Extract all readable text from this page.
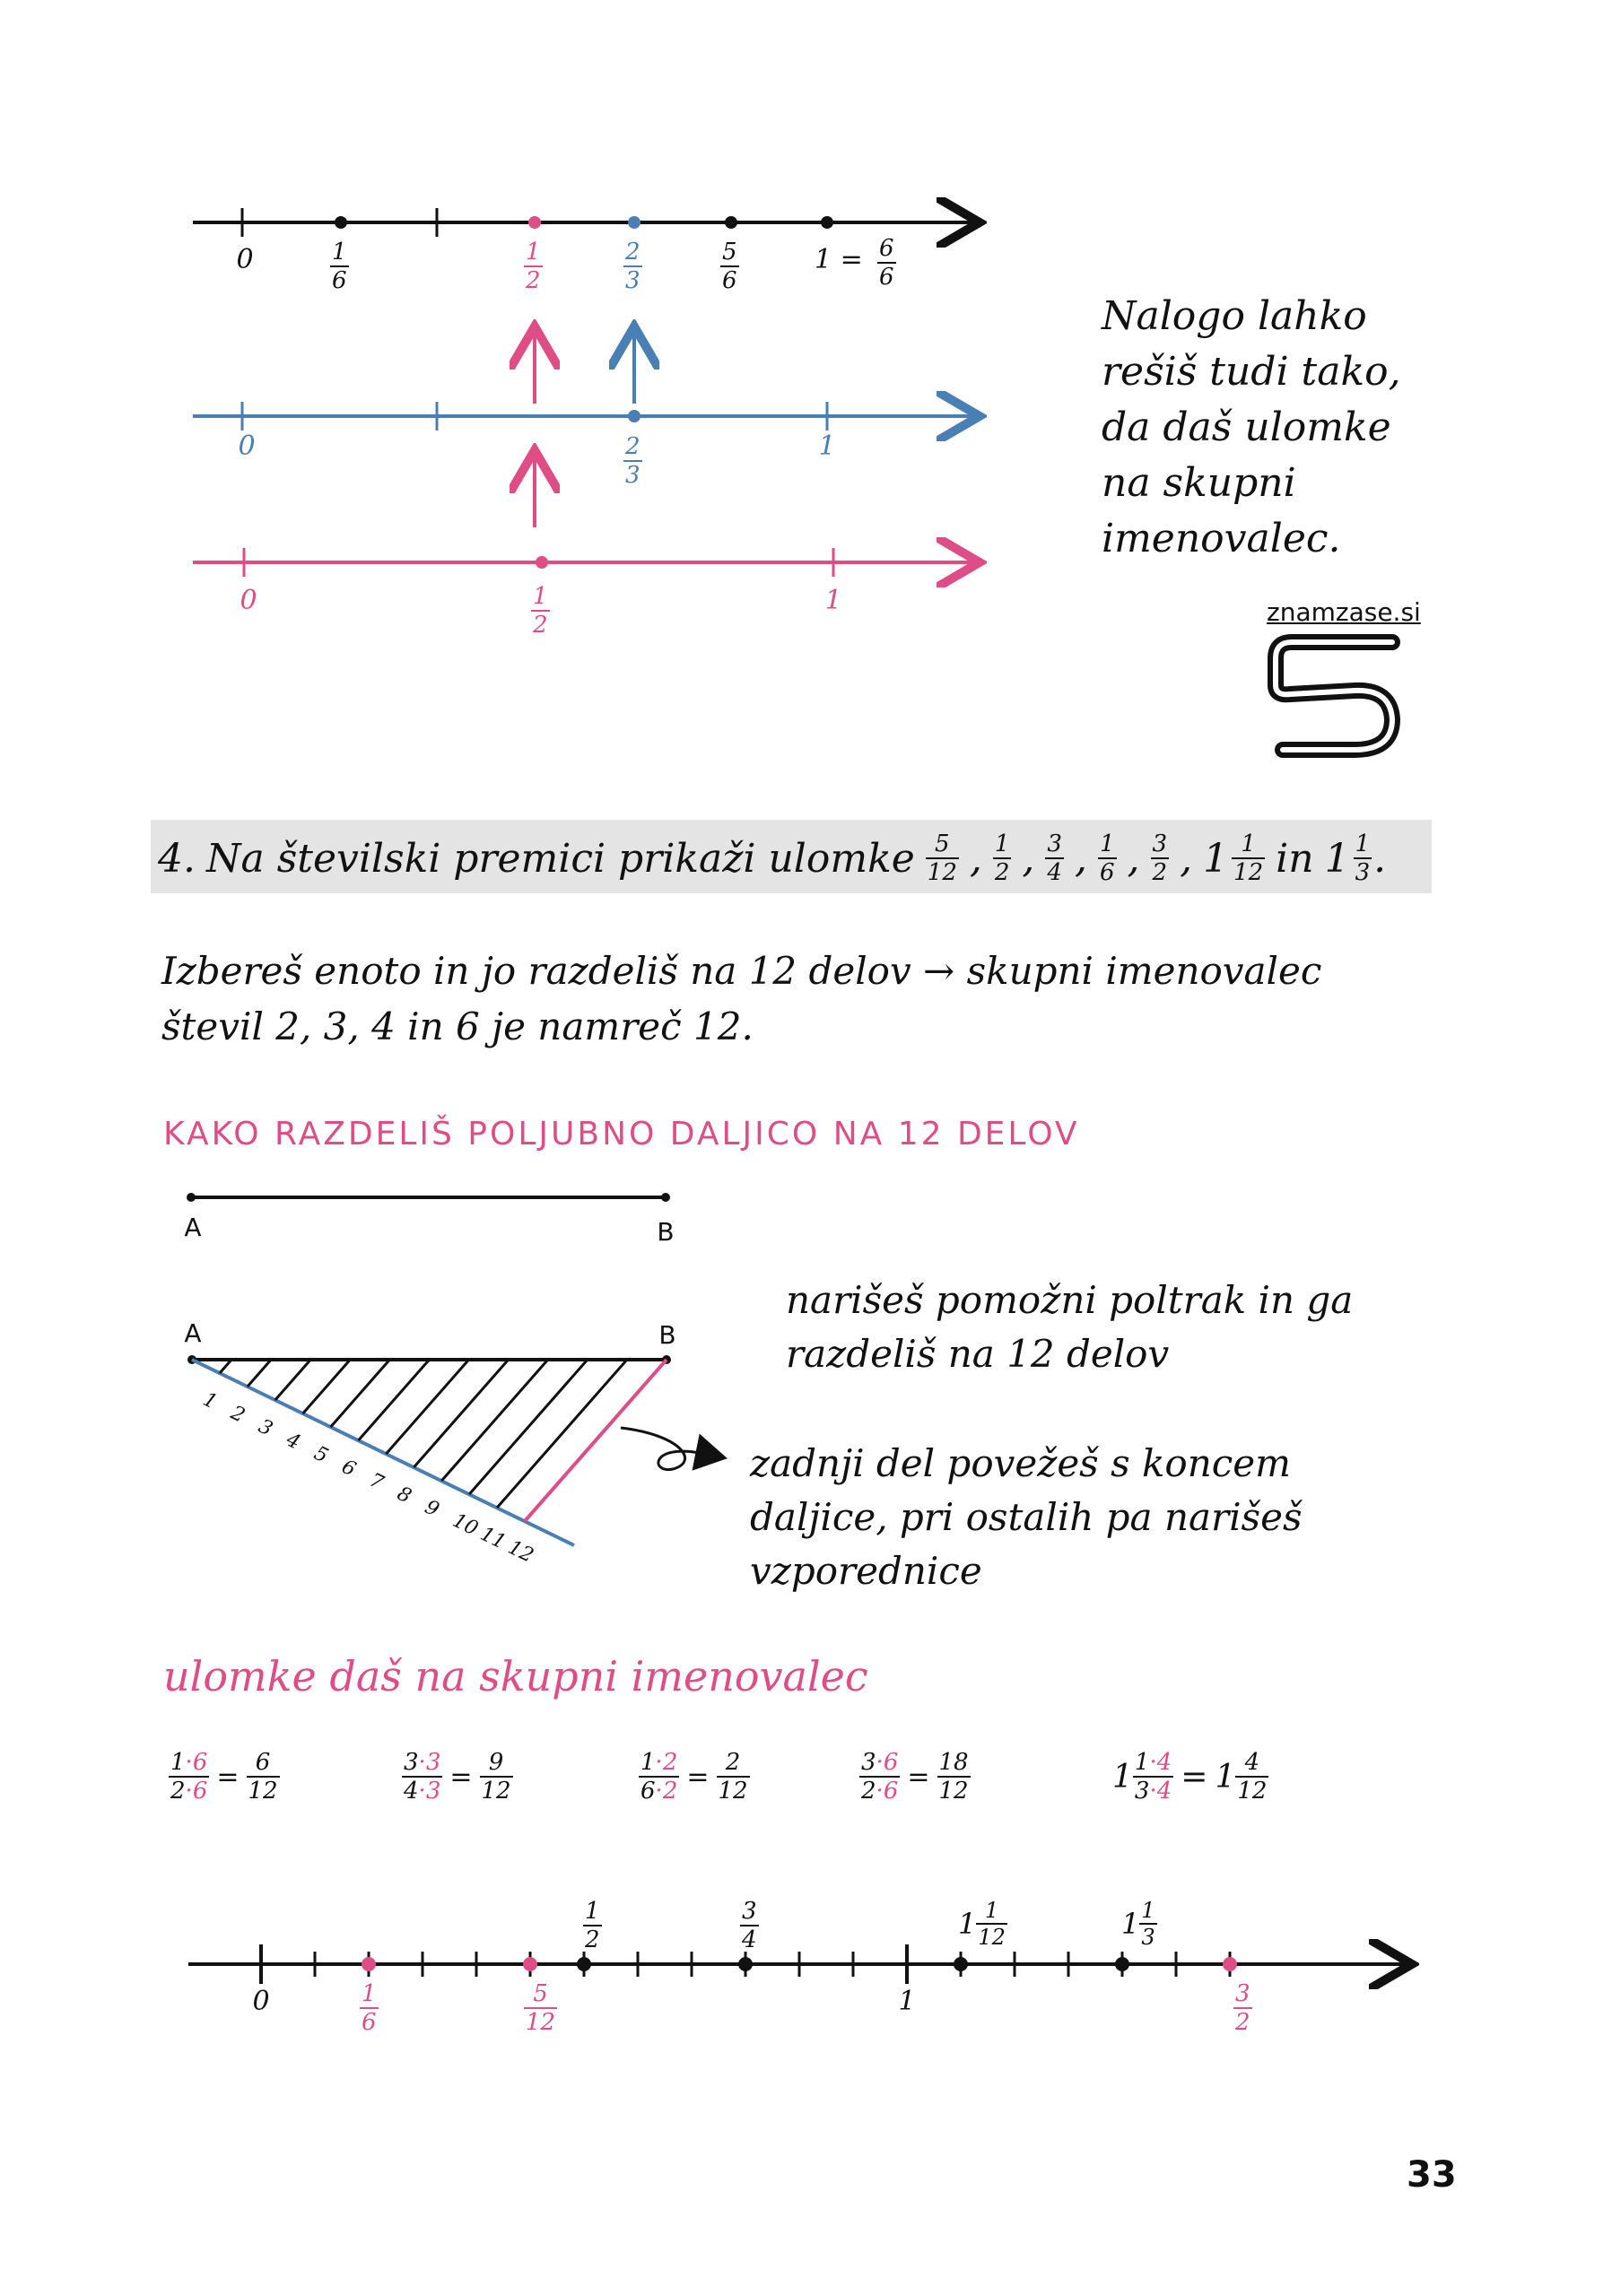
0	$\frac{1}{6}$	$\frac{1}{2}$	$\frac{2}{3}$	$\frac{5}{6}$	$1 = \frac{6}{6}$
0	$\frac{2}{3}$	1
0	$\frac{1}{2}$	1
Nalogo lahko
rešiš tudi tako,
da daš ulomke
na skupni
imenovalec.
znamzase.si
4. Na številski premici prikaži ulomke $\frac{5}{12}$ , $\frac{1}{2}$ , $\frac{3}{4}$ , $\frac{1}{6}$ , $\frac{3}{2}$ , $1 \frac{1}{12}$ in $1 \frac{1}{3}$ .
Izbereš enoto in jo razdeliš na 12 delov → skupni imenovalec
števil 2, 3, 4 in 6 je namreč 12.
KAKO RAZDELIŠ POLJUBNO DALJICO NA 12 DELOV
A	B
1
2
3
4
5
6
7
8
9
10
11
12
A	B
narišeš pomožni poltrak in ga
razdeliš na 12 delov
zadnji del povežeš s koncem
daljice, pri ostalih pa narišeš
vzporednice
ulomke daš na skupni imenovalec
$\frac{1\cdot 6}{2\cdot 6} = \frac{6}{12}$	$\frac{3\cdot 3}{4\cdot 3} = \frac{9}{12}$	$\frac{1\cdot 2}{6\cdot 2} = \frac{2}{12}$	$\frac{3\cdot 6}{2\cdot 6} = \frac{18}{12}$	$1 \frac{1\cdot 4}{3\cdot 4} = 1 \frac{4}{12}$
0	1
$\frac{1}{2}$	$\frac{3}{4}$	$1 \frac{1}{12}$	$1 \frac{1}{3}$
$\frac{1}{6}$	$\frac{5}{12}$	$\frac{3}{2}$
33
